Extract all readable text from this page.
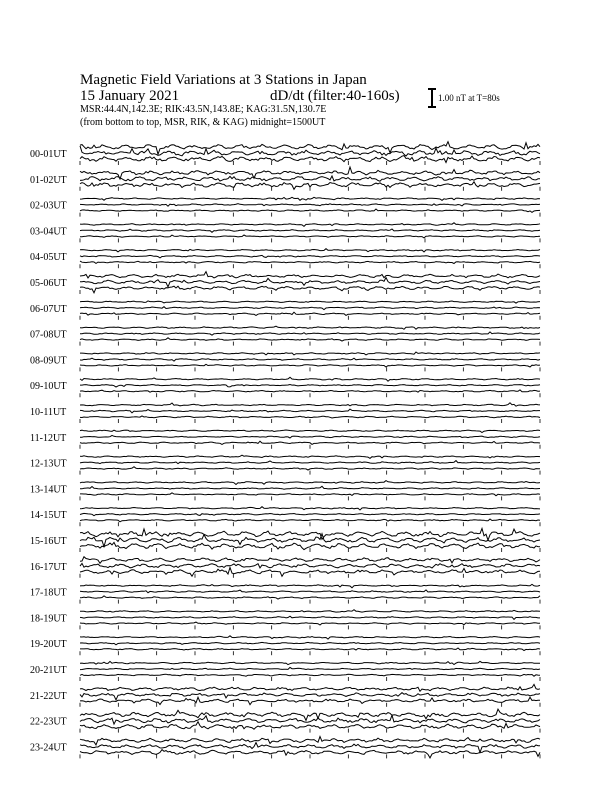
Magnetic Field Variations at 3 Stations in Japan
15 January 2021	dD/dt (filter:40-160s)
MSR:44.4N,142.3E; RIK:43.5N,143.8E; KAG:31.5N,130.7E
(from bottom to top, MSR, RIK, & KAG) midnight=1500UT
1.00 nT at T=80s
00-01UT
01-02UT
02-03UT
03-04UT
04-05UT
05-06UT
06-07UT
07-08UT
08-09UT
09-10UT
10-11UT
11-12UT
12-13UT
13-14UT
14-15UT
15-16UT
16-17UT
17-18UT
18-19UT
19-20UT
20-21UT
21-22UT
22-23UT
23-24UT
